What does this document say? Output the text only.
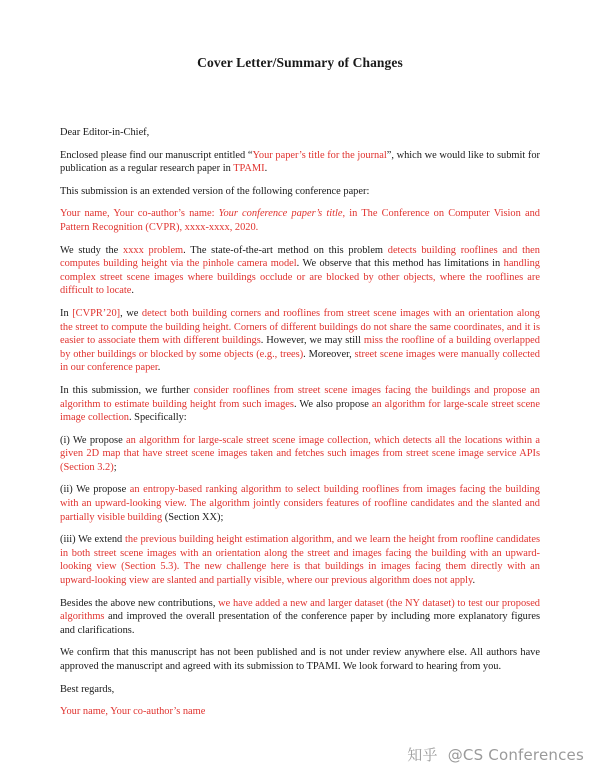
Cover Letter/Summary of Changes

Dear Editor-in-Chief,

Enclosed please find our manuscript entitled “Your paper’s title for the journal”, which we would like to submit for publication as a regular research paper in TPAMI.

This submission is an extended version of the following conference paper:

Your name, Your co-author’s name: Your conference paper’s title, in The Conference on Computer Vision and Pattern Recognition (CVPR), xxxx-xxxx, 2020.

We study the xxxx problem. The state-of-the-art method on this problem detects building rooflines and then computes building height via the pinhole camera model. We observe that this method has limitations in handling complex street scene images where buildings occlude or are blocked by other objects, where the rooflines are difficult to locate.

In [CVPR’20], we detect both building corners and rooflines from street scene images with an orientation along the street to compute the building height. Corners of different buildings do not share the same coordinates, and it is easier to associate them with different buildings. However, we may still miss the roofline of a building overlapped by other buildings or blocked by some objects (e.g., trees). Moreover, street scene images were manually collected in our conference paper.

In this submission, we further consider rooflines from street scene images facing the buildings and propose an algorithm to estimate building height from such images. We also propose an algorithm for large-scale street scene image collection. Specifically:

(i) We propose an algorithm for large-scale street scene image collection, which detects all the locations within a given 2D map that have street scene images taken and fetches such images from street scene image service APIs (Section 3.2);

(ii) We propose an entropy-based ranking algorithm to select building rooflines from images facing the building with an upward-looking view. The algorithm jointly considers features of roofline candidates and the slanted and partially visible building (Section XX);

(iii) We extend the previous building height estimation algorithm, and we learn the height from roofline candidates in both street scene images with an orientation along the street and images facing the building with an upward-looking view (Section 5.3). The new challenge here is that buildings in images facing them directly with an upward-looking view are slanted and partially visible, where our previous algorithm does not apply.

Besides the above new contributions, we have added a new and larger dataset (the NY dataset) to test our proposed algorithms and improved the overall presentation of the conference paper by including more explanatory figures and clarifications.

We confirm that this manuscript has not been published and is not under review anywhere else. All authors have approved the manuscript and agreed with its submission to TPAMI. We look forward to hearing from you.

Best regards,

Your name, Your co-author’s name

知乎 @CS Conferences
